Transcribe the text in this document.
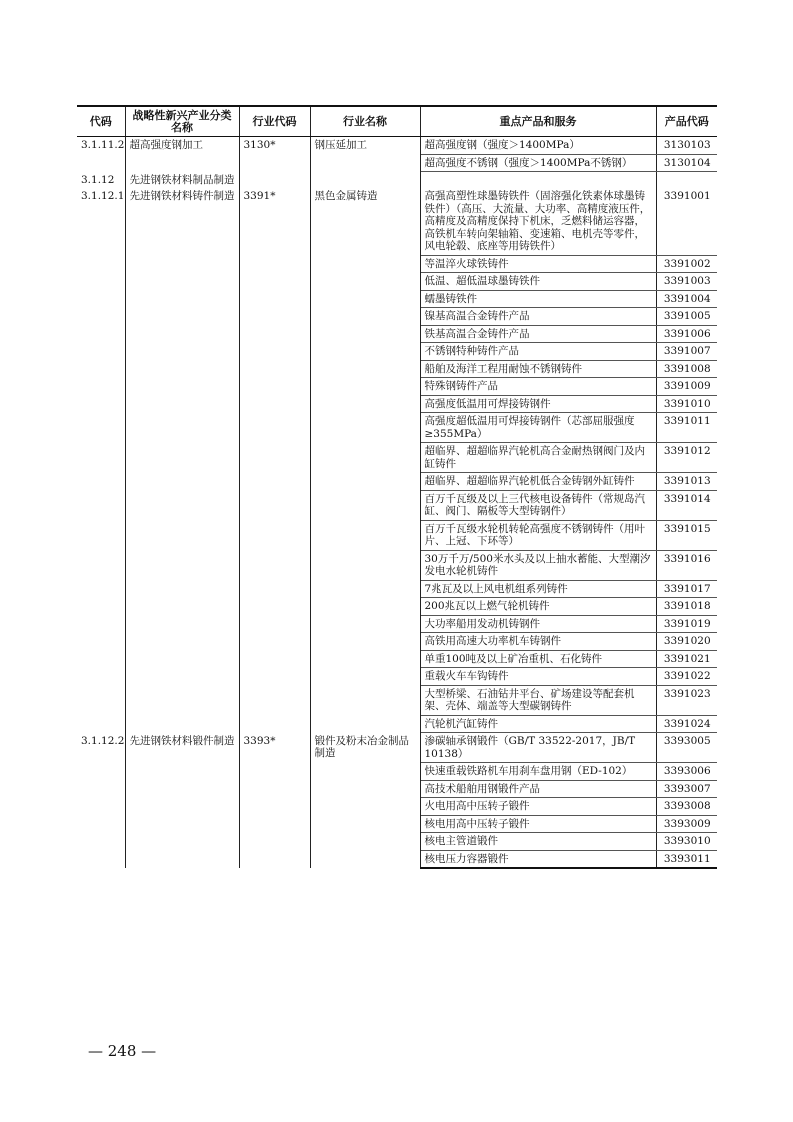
代码	战略性新兴产业分类名称	行业代码	行业名称	重点产品和服务	产品代码
3.1.11.2	超高强度钢加工	3130*	钢压延加工	超高强度钢（强度＞1400MPa）	3130103
				超高强度不锈钢（强度＞1400MPa不锈钢）	3130104
3.1.12	先进钢铁材料制品制造				
3.1.12.1	先进钢铁材料铸件制造	3391*	黑色金属铸造	高强高塑性球墨铸铁件（固溶强化铁素体球墨铸铁件）（高压、大流量、大功率、高精度液压件，高精度及高精度保持下机床，乏燃料储运容器，高铁机车转向架轴箱、变速箱、电机壳等零件，风电轮毂、底座等用铸铁件）	3391001
				等温淬火球铁铸件	3391002
				低温、超低温球墨铸铁件	3391003
				蠕墨铸铁件	3391004
				镍基高温合金铸件产品	3391005
				铁基高温合金铸件产品	3391006
				不锈钢特种铸件产品	3391007
				船舶及海洋工程用耐蚀不锈钢铸件	3391008
				特殊钢铸件产品	3391009
				高强度低温用可焊接铸钢件	3391010
				高强度超低温用可焊接铸钢件（芯部屈服强度≥355MPa）	3391011
				超临界、超超临界汽轮机高合金耐热钢阀门及内缸铸件	3391012
				超临界、超超临界汽轮机低合金铸钢外缸铸件	3391013
				百万千瓦级及以上三代核电设备铸件（常规岛汽缸、阀门、隔板等大型铸钢件）	3391014
				百万千瓦级水轮机转轮高强度不锈钢铸件（用叶片、上冠、下环等）	3391015
				30万千万/500米水头及以上抽水蓄能、大型潮汐发电水轮机铸件	3391016
				7兆瓦及以上风电机组系列铸件	3391017
				200兆瓦以上燃气轮机铸件	3391018
				大功率船用发动机铸钢件	3391019
				高铁用高速大功率机车铸钢件	3391020
				单重100吨及以上矿冶重机、石化铸件	3391021
				重载火车车钩铸件	3391022
				大型桥梁、石油钻井平台、矿场建设等配套机架、壳体、端盖等大型碳钢铸件	3391023
				汽轮机汽缸铸件	3391024
3.1.12.2	先进钢铁材料锻件制造	3393*	锻件及粉末冶金制品制造	渗碳轴承钢锻件（GB/T 33522-2017，JB/T 10138）	3393005
				快速重载铁路机车用刹车盘用钢（ED-102）	3393006
				高技术船舶用钢锻件产品	3393007
				火电用高中压转子锻件	3393008
				核电用高中压转子锻件	3393009
				核电主管道锻件	3393010
				核电压力容器锻件	3393011
— 248 —
